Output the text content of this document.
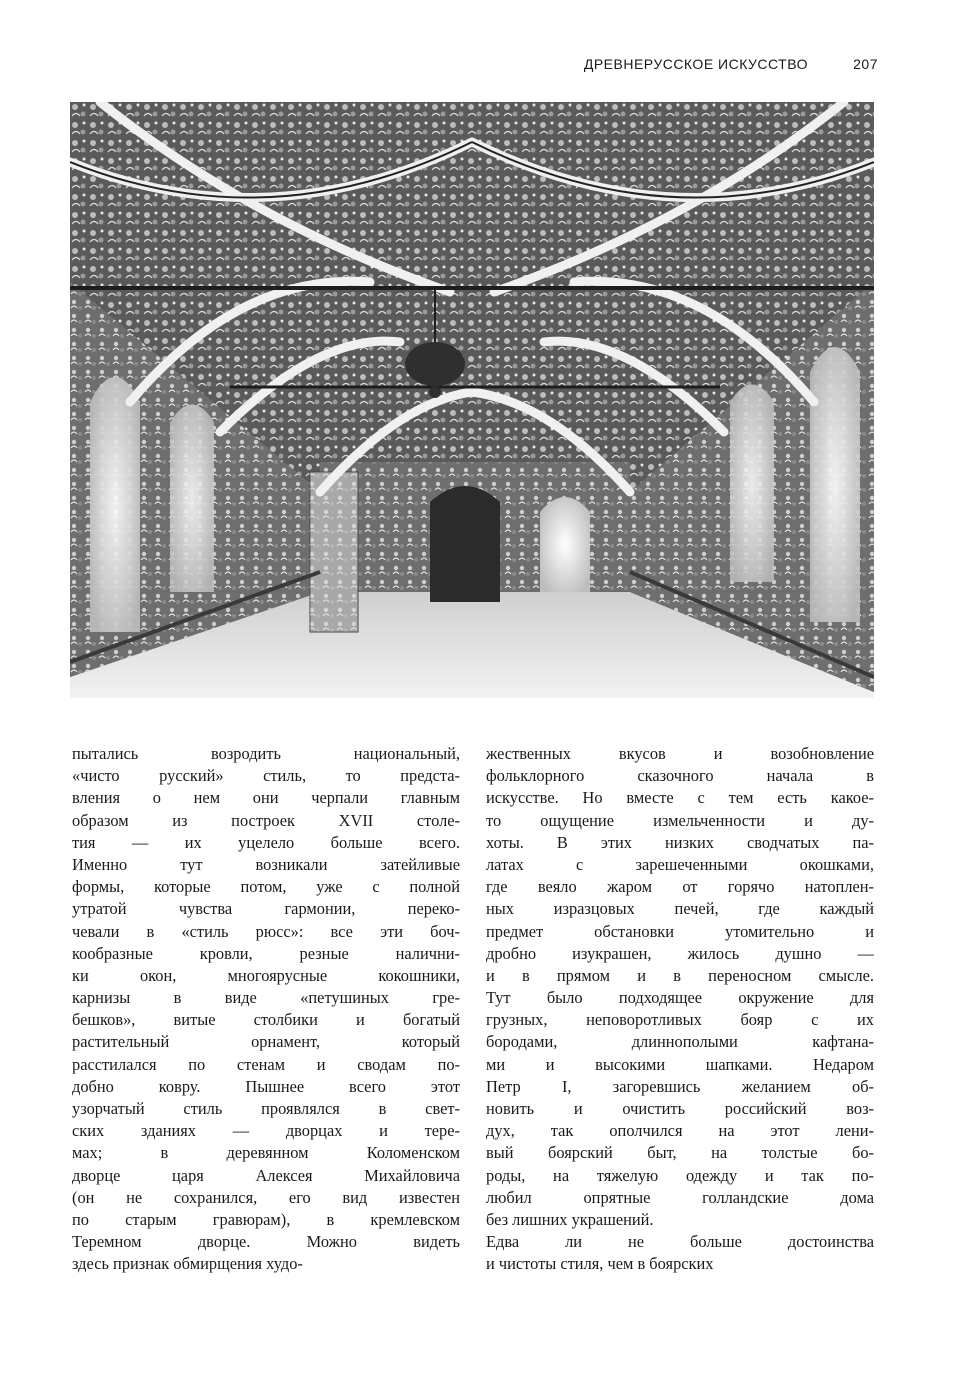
ДРЕВНЕРУССКОЕ ИСКУССТВО	207
пытались возродить национальный,
«чисто русский» стиль, то предста-
вления о нем они черпали главным
образом из построек XVII столе-
тия — их уцелело больше всего.
Именно тут возникали затейливые
формы, которые потом, уже с полной
утратой чувства гармонии, переко-
чевали в «стиль рюсс»: все эти боч-
кообразные кровли, резные налични-
ки окон, многоярусные кокошники,
карнизы в виде «петушиных гре-
бешков», витые столбики и богатый
растительный орнамент, который
расстилался по стенам и сводам по-
добно ковру. Пышнее всего этот
узорчатый стиль проявлялся в свет-
ских зданиях — дворцах и тере-
мах; в деревянном Коломенском
дворце царя Алексея Михайловича
(он не сохранился, его вид известен
по старым гравюрам), в кремлевском
Теремном дворце. Можно видеть
здесь признак обмирщения худо-
жественных вкусов и возобновление
фольклорного сказочного начала в
искусстве. Но вместе с тем есть какое-
то ощущение измельченности и ду-
хоты. В этих низких сводчатых па-
латах с зарешеченными окошками,
где веяло жаром от горячо натоплен-
ных изразцовых печей, где каждый
предмет обстановки утомительно и
дробно изукрашен, жилось душно —
и в прямом и в переносном смысле.
Тут было подходящее окружение для
грузных, неповоротливых бояр с их
бородами, длиннополыми кафтана-
ми и высокими шапками. Недаром
Петр I, загоревшись желанием об-
новить и очистить российский воз-
дух, так ополчился на этот лени-
вый боярский быт, на толстые бо-
роды, на тяжелую одежду и так по-
любил опрятные голландские дома
без лишних украшений.
Едва ли не больше достоинства
и чистоты стиля, чем в боярских
